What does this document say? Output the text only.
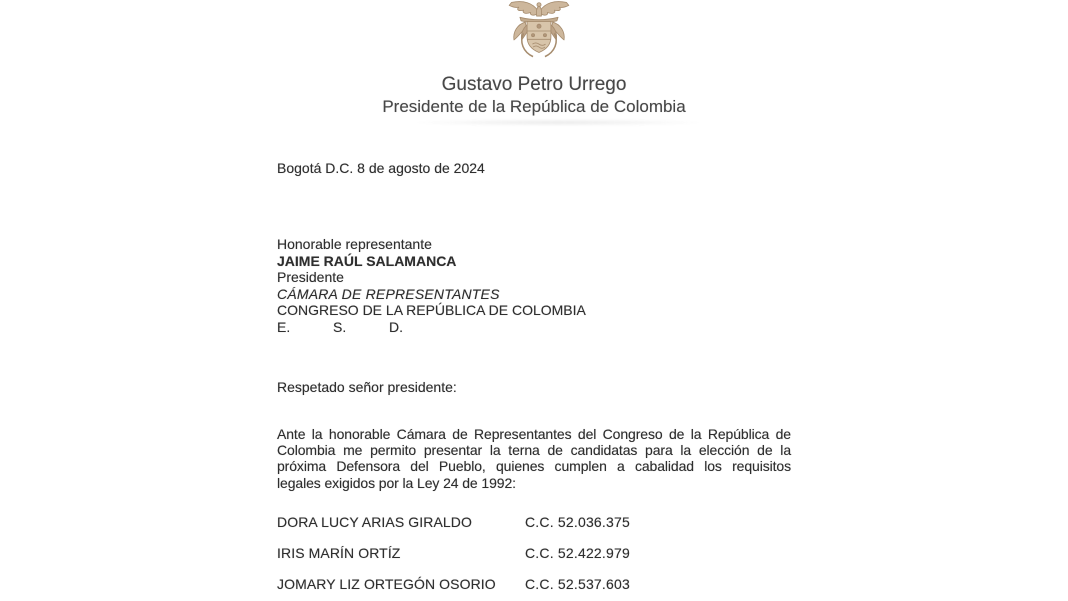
Gustavo Petro Urrego
Presidente de la República de Colombia
Bogotá D.C. 8 de agosto de 2024
Honorable representante
JAIME RAÚL SALAMANCA
Presidente
CÁMARA DE REPRESENTANTES
CONGRESO DE LA REPÚBLICA DE COLOMBIA
E.           S.           D.
Respetado señor presidente:
Ante la honorable Cámara de Representantes del Congreso de la República de
Colombia me permito presentar la terna de candidatas para la elección de la
próxima Defensora del Pueblo, quienes cumplen a cabalidad los requisitos
legales exigidos por la Ley 24 de 1992:
DORA LUCY ARIAS GIRALDO	C.C. 52.036.375
IRIS MARÍN ORTÍZ	C.C. 52.422.979
JOMARY LIZ ORTEGÓN OSORIO	C.C. 52.537.603
